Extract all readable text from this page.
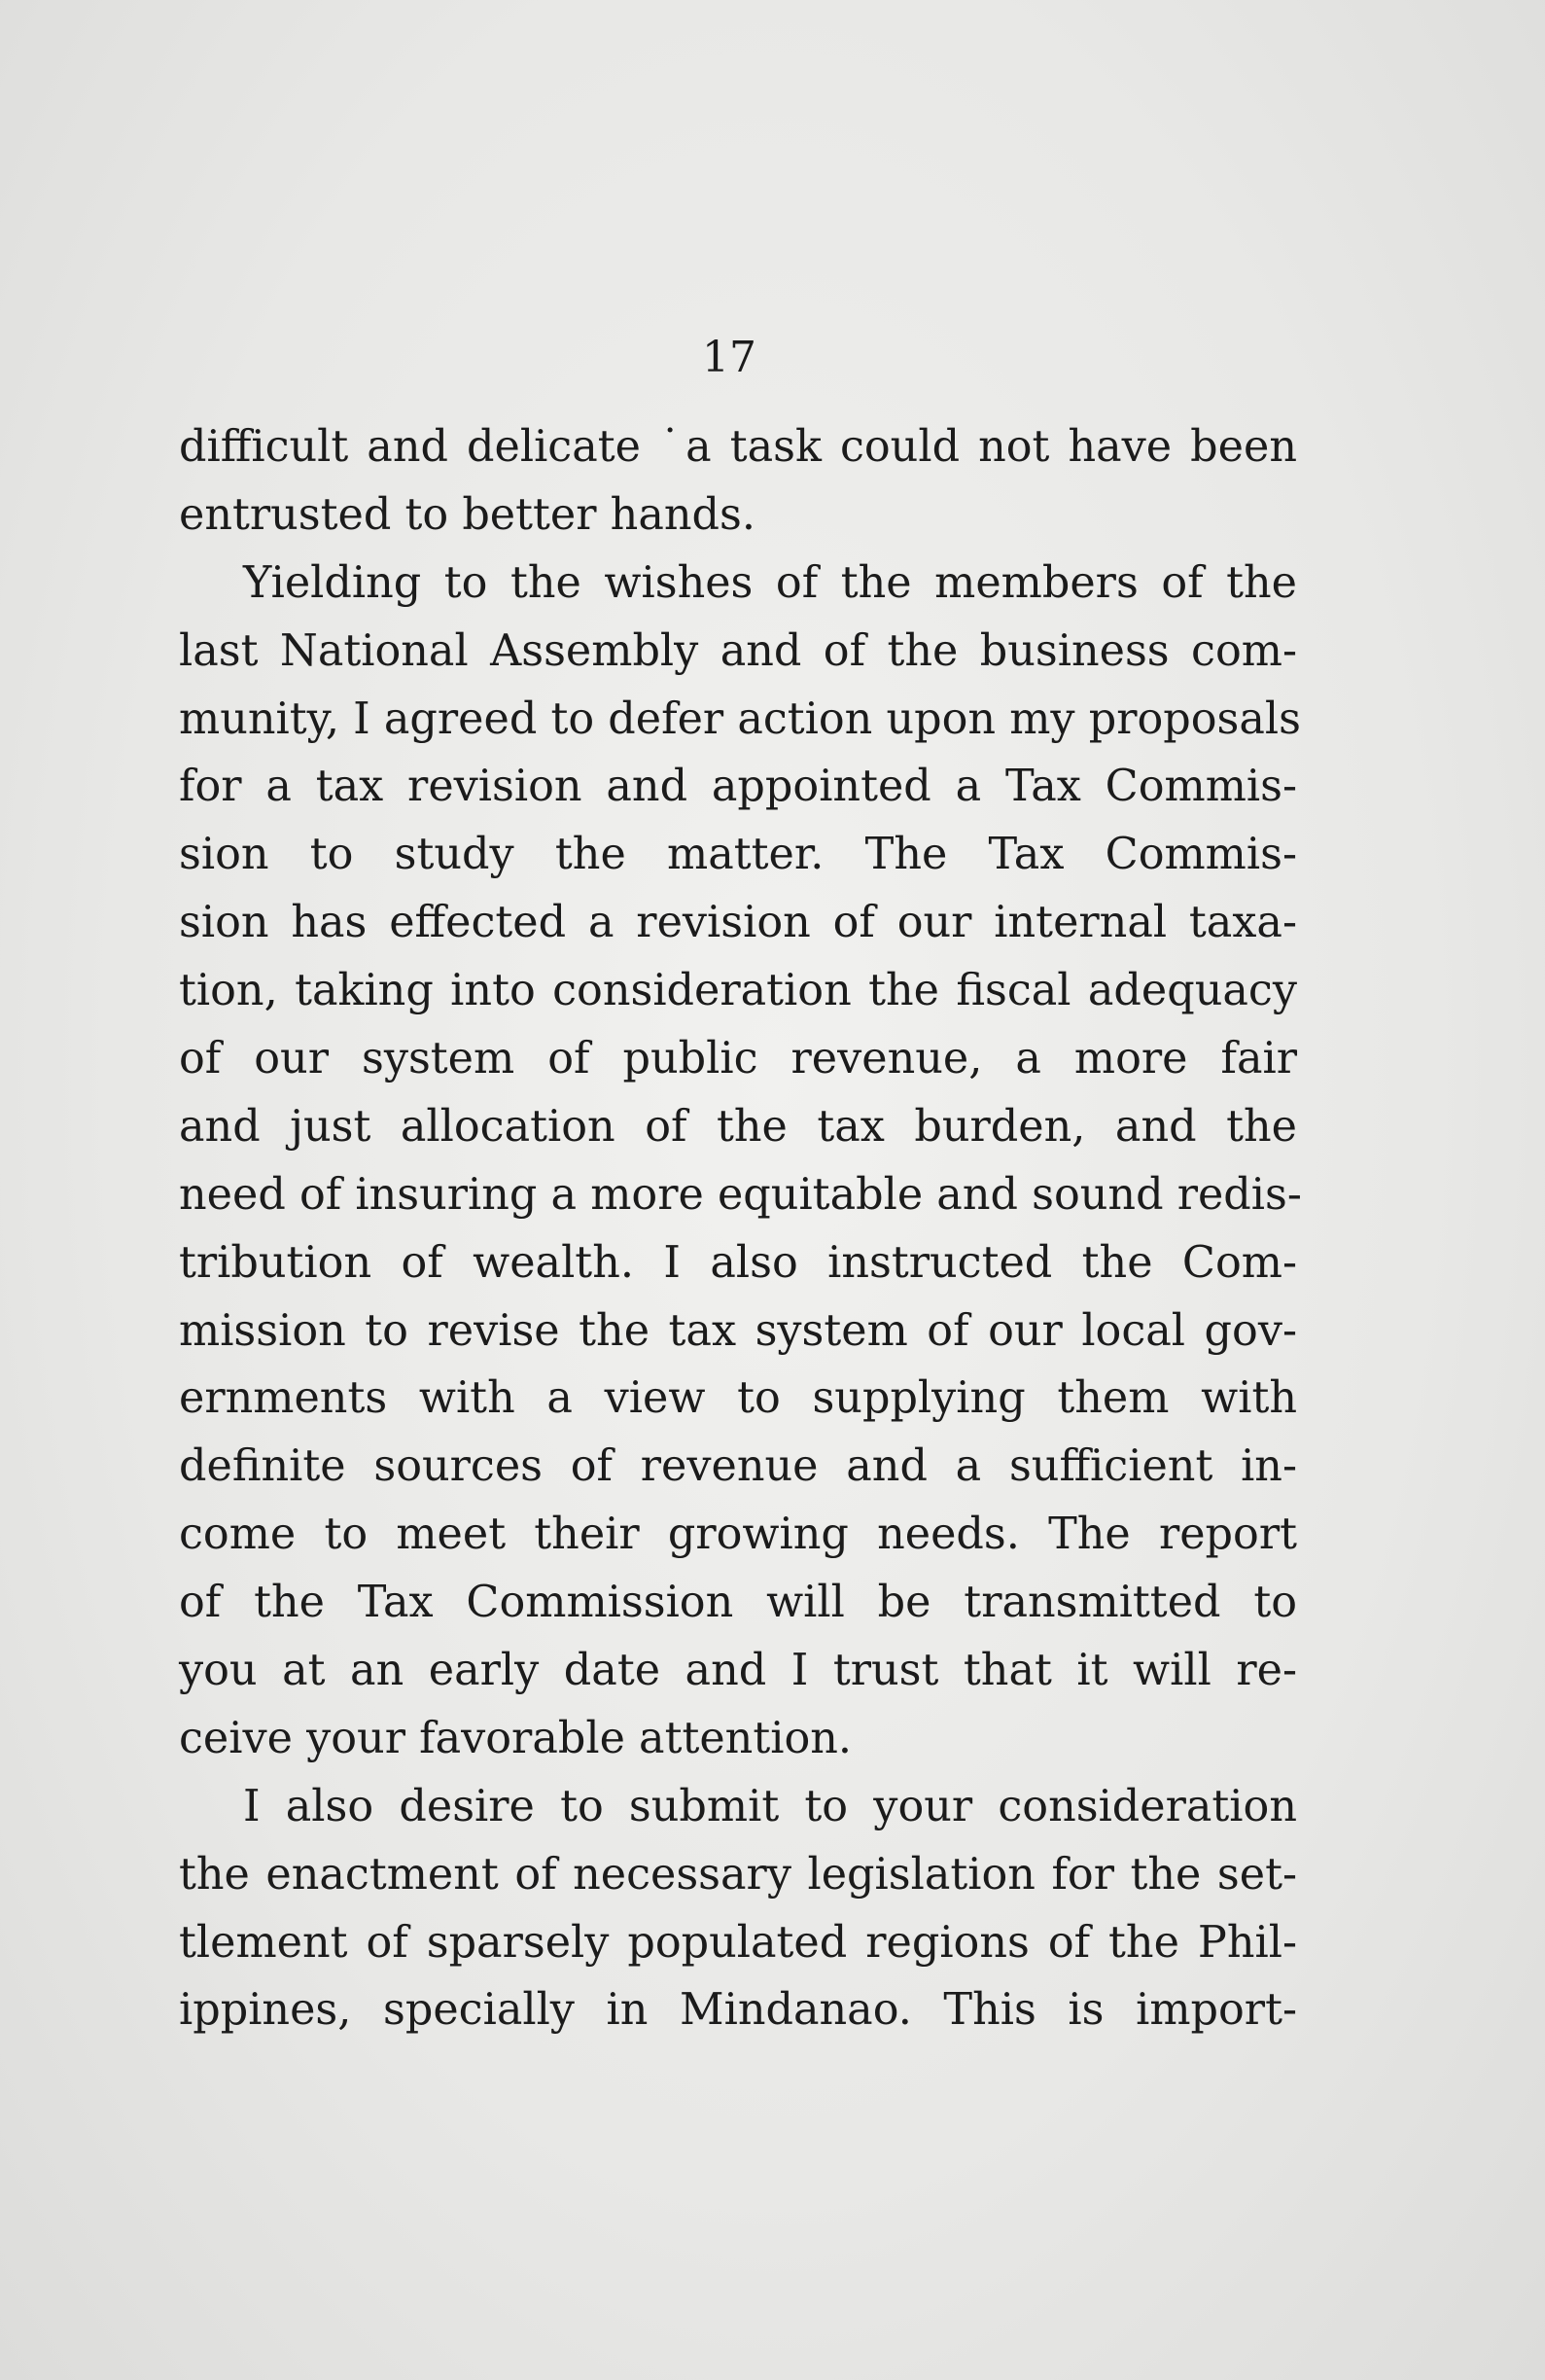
17
difficult and delicate ˙a task could not have been
entrusted to better hands.
Yielding to the wishes of the members of the
last National Assembly and of the business com-
munity, I agreed to defer action upon my proposals
for a tax revision and appointed a Tax Commis-
sion to study the matter. The Tax Commis-
sion has effected a revision of our internal taxa-
tion, taking into consideration the fiscal adequacy
of our system of public revenue, a more fair
and just allocation of the tax burden, and the
need of insuring a more equitable and sound redis-
tribution of wealth. I also instructed the Com-
mission to revise the tax system of our local gov-
ernments with a view to supplying them with
definite sources of revenue and a sufficient in-
come to meet their growing needs. The report
of the Tax Commission will be transmitted to
you at an early date and I trust that it will re-
ceive your favorable attention.
I also desire to submit to your consideration
the enactment of necessary legislation for the set-
tlement of sparsely populated regions of the Phil-
ippines, specially in Mindanao. This is import-
